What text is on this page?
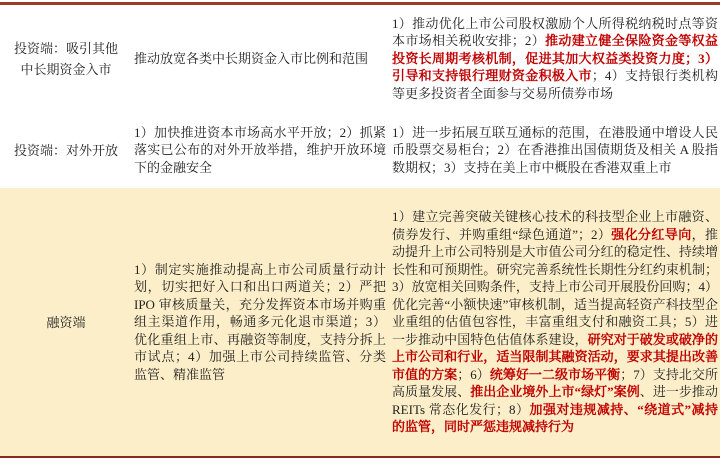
投资端：吸引其他中长期资金入市
推动放宽各类中长期资金入市比例和范围
1）推动优化上市公司股权激励个人所得税纳税时点等资本市场相关税收安排；2）推动建立健全保险资金等权益投资长周期考核机制，促进其加大权益类投资力度；3）引导和支持银行理财资金积极入市；4）支持银行类机构等更多投资者全面参与交易所债券市场
投资端：对外开放
1）加快推进资本市场高水平开放；2）抓紧落实已公布的对外开放举措，维护开放环境下的金融安全
1）进一步拓展互联互通标的范围，在港股通中增设人民币股票交易柜台；2）在香港推出国债期货及相关 A 股指数期权；3）支持在美上市中概股在香港双重上市
融资端
1）制定实施推动提高上市公司质量行动计划，切实把好入口和出口两道关；2）严把 IPO 审核质量关，充分发挥资本市场并购重组主渠道作用，畅通多元化退市渠道；3）优化重组上市、再融资等制度，支持分拆上市试点；4）加强上市公司持续监管、分类监管、精准监管
1）建立完善突破关键核心技术的科技型企业上市融资、债券发行、并购重组“绿色通道”；2）强化分红导向，推动提升上市公司特别是大市值公司分红的稳定性、持续增长性和可预期性。研究完善系统性长期性分红约束机制；3）放宽相关回购条件，支持上市公司开展股份回购；4）优化完善“小额快速”审核机制，适当提高轻资产科技型企业重组的估值包容性，丰富重组支付和融资工具；5）进一步推动中国特色估值体系建设，研究对于破发或破净的上市公司和行业，适当限制其融资活动，要求其提出改善市值的方案；6）统筹好一二级市场平衡；7）支持北交所高质量发展、推出企业境外上市“绿灯”案例、进一步推动 REITs 常态化发行；8）加强对违规减持、“绕道式”减持的监管，同时严惩违规减持行为
